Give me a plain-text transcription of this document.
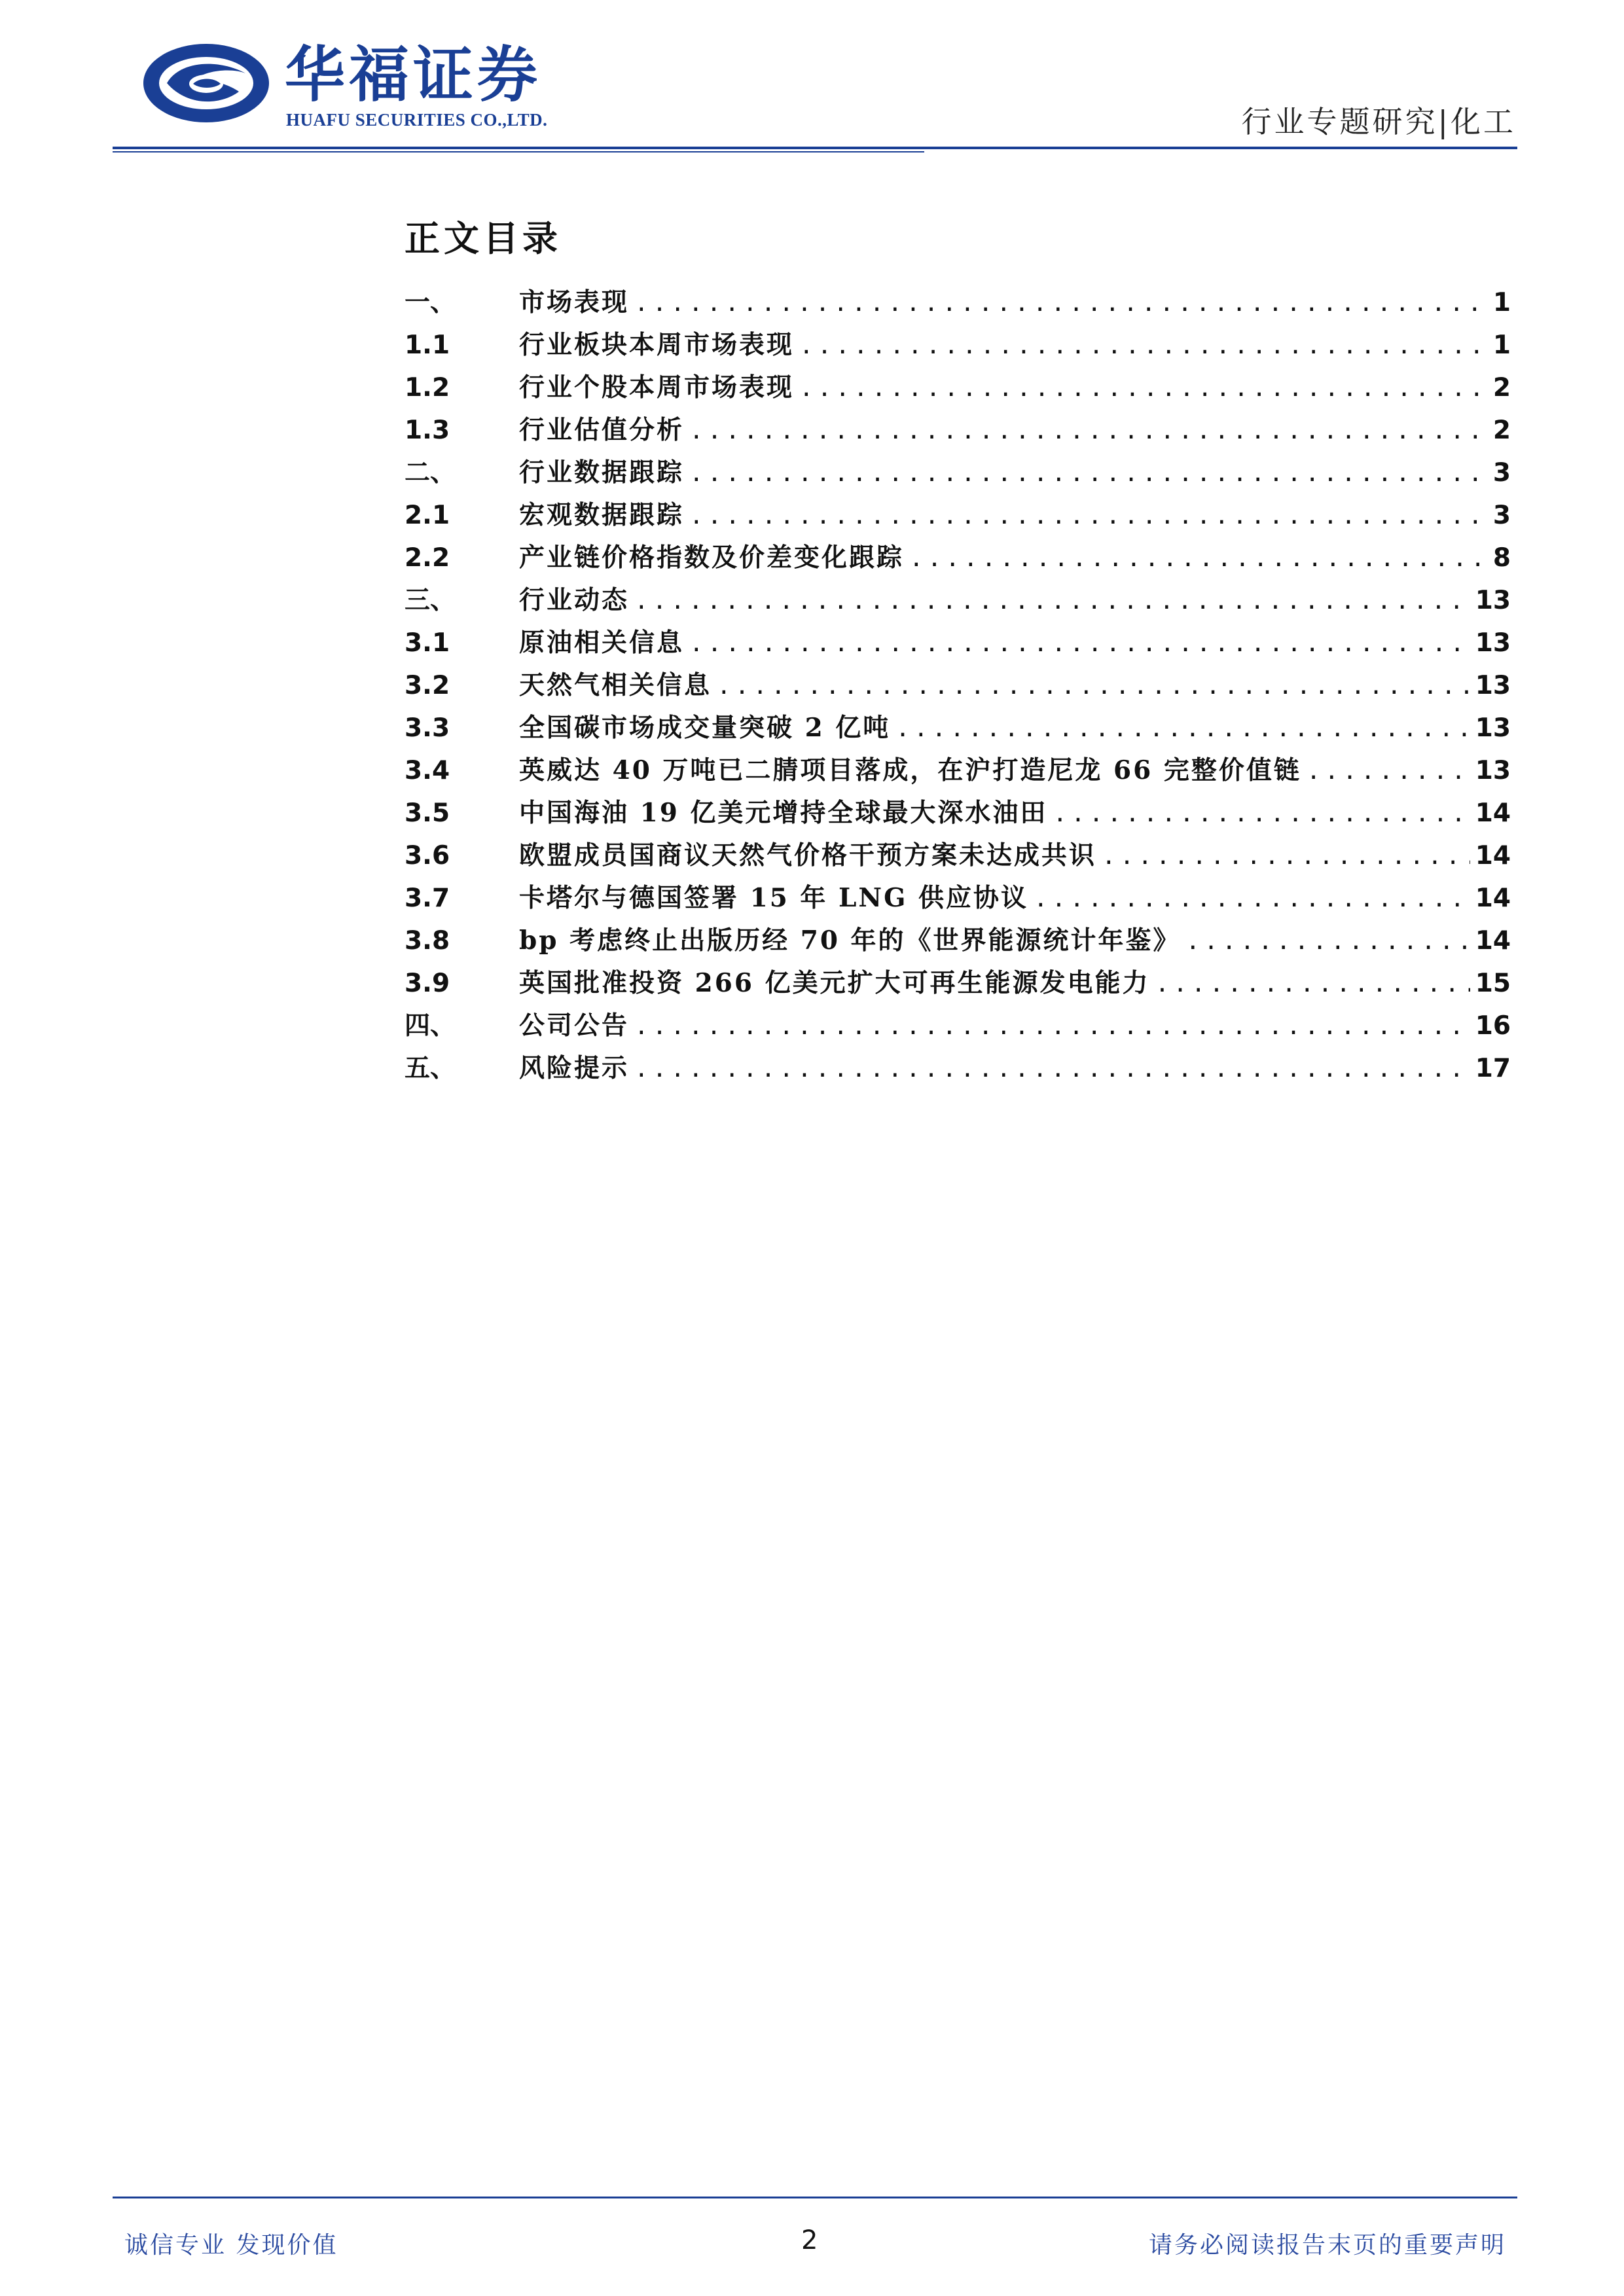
华福证券
HUAFU SECURITIES CO.,LTD.	行业专题研究|化工
正文目录
一、	市场表现 .....	1
1.1	行业板块本周市场表现 .....	1
1.2	行业个股本周市场表现 .....	2
1.3	行业估值分析 .....	2
二、	行业数据跟踪 .....	3
2.1	宏观数据跟踪 .....	3
2.2	产业链价格指数及价差变化跟踪 .....	8
三、	行业动态 .....	13
3.1	原油相关信息 .....	13
3.2	天然气相关信息 .....	13
3.3	全国碳市场成交量突破 2 亿吨 .....	13
3.4	英威达 40 万吨已二腈项目落成，在沪打造尼龙 66 完整价值链 .....	13
3.5	中国海油 19 亿美元增持全球最大深水油田 .....	14
3.6	欧盟成员国商议天然气价格干预方案未达成共识 .....	14
3.7	卡塔尔与德国签署 15 年 LNG 供应协议 .....	14
3.8	bp 考虑终止出版历经 70 年的《世界能源统计年鉴》 .....	14
3.9	英国批准投资 266 亿美元扩大可再生能源发电能力 .....	15
四、	公司公告 .....	16
五、	风险提示 .....	17
诚信专业 发现价值	2	请务必阅读报告末页的重要声明
